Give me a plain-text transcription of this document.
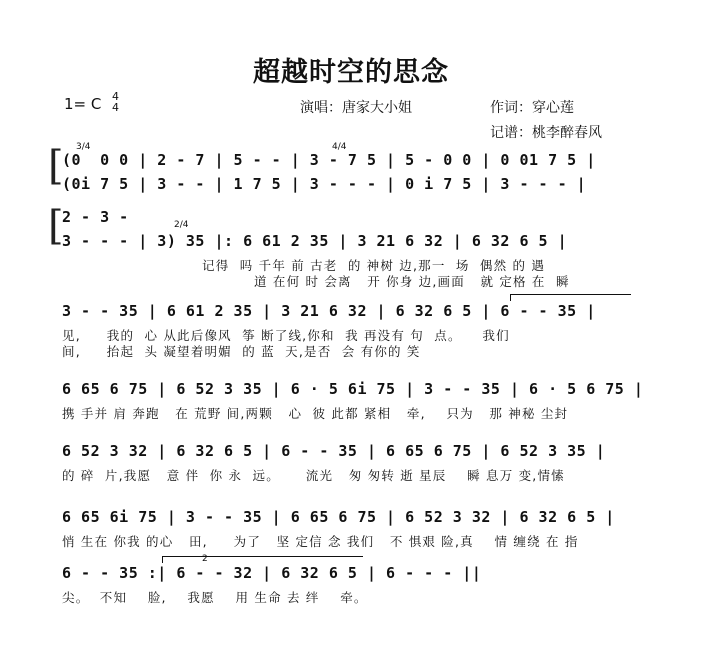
超越时空的思念
1= C 4
4	演唱：唐家大小姐	作词：穿心莲
记谱：桃李醉春风
[ 3/4	4/4
(0  0 0 | 2 - 7 | 5 - - | 3 - 7 5 | 5 - 0 0 | 0 01 7 5 |
(0i 7 5 | 3 - - | 1 7 5 | 3 - - - | 0 i 7 5 | 3 - - - |
[	2/4
2 - 3 -
3 - - - | 3) 35 |: 6 61 2 35 | 3 21 6 32 | 6 32 6 5 |
记得  吗 千年 前 古老  的 神树 边,那一  场  偶然 的 遇
道 在何 时 会离   开 你身 边,画面   就 定格 在  瞬
3 - - 35 | 6 61 2 35 | 3 21 6 32 | 6 32 6 5 | 6 - - 35 |
见,     我的  心 从此后像风  筝 断了线,你和  我 再没有 句  点。    我们
间,     抬起  头 凝望着明媚  的 蓝  天,是否  会 有你的 笑
6 65 6 75 | 6 52 3 35 | 6 · 5 6i 75 | 3 - - 35 | 6 · 5 6 75 |
携 手并 肩 奔跑   在 荒野 间,两颗   心  彼 此都 紧相   牵,    只为   那 神秘 尘封
6 52 3 32 | 6 32 6 5 | 6 - - 35 | 6 65 6 75 | 6 52 3 35 |
的 碎  片,我愿   意 伴  你 永  远。     流光   匆 匆转 逝 星辰    瞬 息万 变,情愫
6 65 6i 75 | 3 - - 35 | 6 65 6 75 | 6 52 3 32 | 6 32 6 5 |
悄 生在 你我 的心   田,     为了   坚 定信 念 我们   不 惧艰 险,真    情 缠绕 在 指
2
6 - - 35 :| 6 - - 32 | 6 32 6 5 | 6 - - - ||
尖。  不知    脸,    我愿    用 生命 去 绊    牵。
